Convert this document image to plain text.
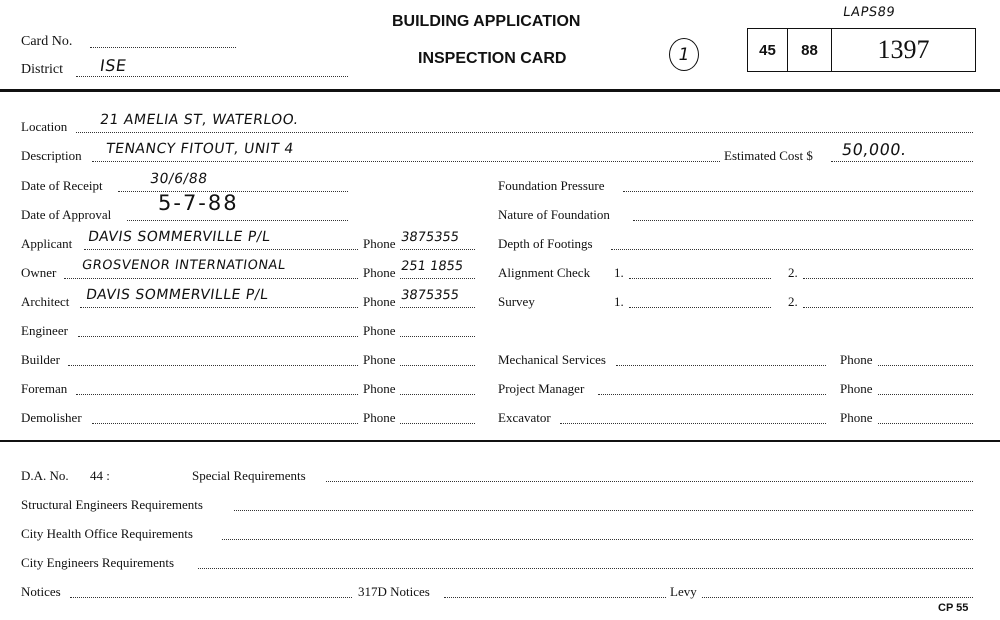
Card No.
District ISE
BUILDING APPLICATION
INSPECTION CARD	1
LAPS89
45	88	1397
Location 21 AMELIA ST, WATERLOO.
Description TENANCY FITOUT, UNIT 4	Estimated Cost $ 50,000.
Date of Receipt	30/6/88	Foundation Pressure
Date of Approval 5-7-88	Nature of Foundation
Applicant DAVIS SOMMERVILLE P/L	Phone 3875355	Depth of Footings
Owner GROSVENOR INTERNATIONAL	Phone 251 1855	Alignment Check 1.	2.
Architect DAVIS SOMMERVILLE P/L	Phone 3875355	Survey	1.	2.
Engineer	Phone
Builder	Phone	Mechanical Services	Phone
Foreman	Phone	Project Manager	Phone
Demolisher	Phone	Excavator	Phone
D.A. No. 44 :	Special Requirements
Structural Engineers Requirements
City Health Office Requirements
City Engineers Requirements
Notices	317D Notices	Levy
CP 55
